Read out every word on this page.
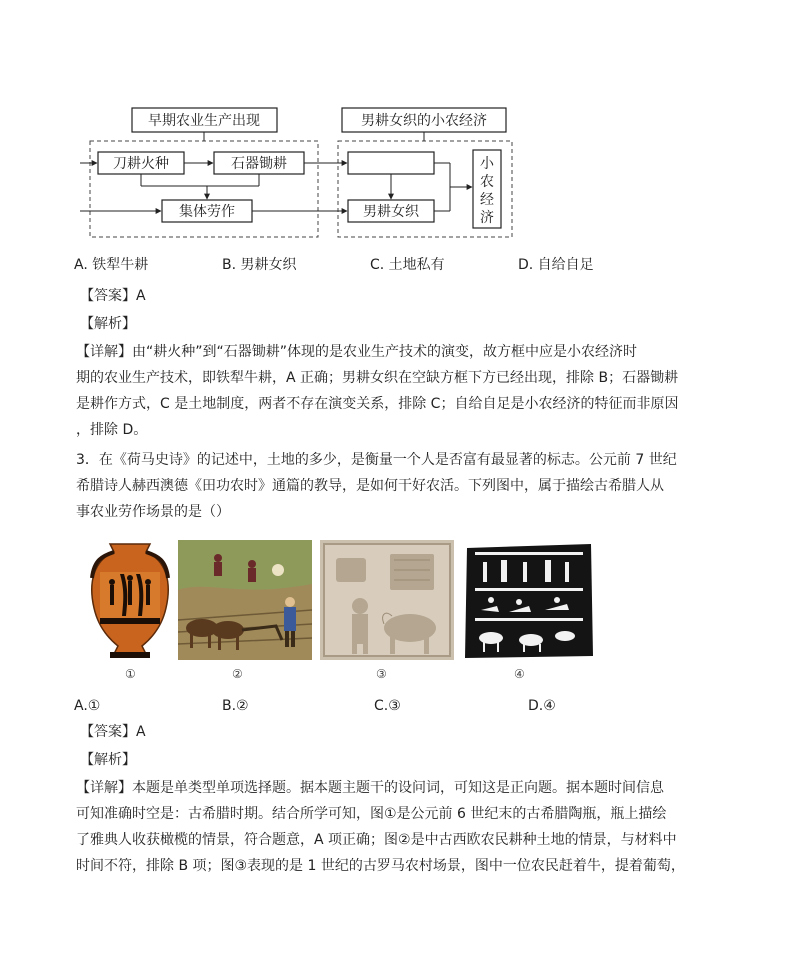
早期农业生产出现	男耕女织的小农经济
刀耕火种	石器锄耕
集体劳作	男耕女织
小
农
经
济
A. 铁犁牛耕	B. 男耕女织	C. 土地私有	D. 自给自足
【答案】A
【解析】
【详解】由“耕火种”到“石器锄耕”体现的是农业生产技术的演变，故方框中应是小农经济时
期的农业生产技术，即铁犁牛耕，A 正确；男耕女织在空缺方框下方已经出现，排除 B；石器锄耕
是耕作方式，C 是土地制度，两者不存在演变关系，排除 C；自给自足是小农经济的特征而非原因
，排除 D。
3．在《荷马史诗》的记述中，土地的多少，是衡量一个人是否富有最显著的标志。公元前 7 世纪
希腊诗人赫西澳德《田功农时》通篇的教导，是如何干好农活。下列图中，属于描绘古希腊人从
事农业劳作场景的是（）
①	②	③	④
A.①	B.②	C.③	D.④
【答案】A
【解析】
【详解】本题是单类型单项选择题。据本题主题干的设问词，可知这是正向题。据本题时间信息
可知准确时空是：古希腊时期。结合所学可知，图①是公元前 6 世纪末的古希腊陶瓶，瓶上描绘
了雅典人收获橄榄的情景，符合题意，A 项正确；图②是中古西欧农民耕种土地的情景，与材料中
时间不符，排除 B 项；图③表现的是 1 世纪的古罗马农村场景，图中一位农民赶着牛，提着葡萄，
